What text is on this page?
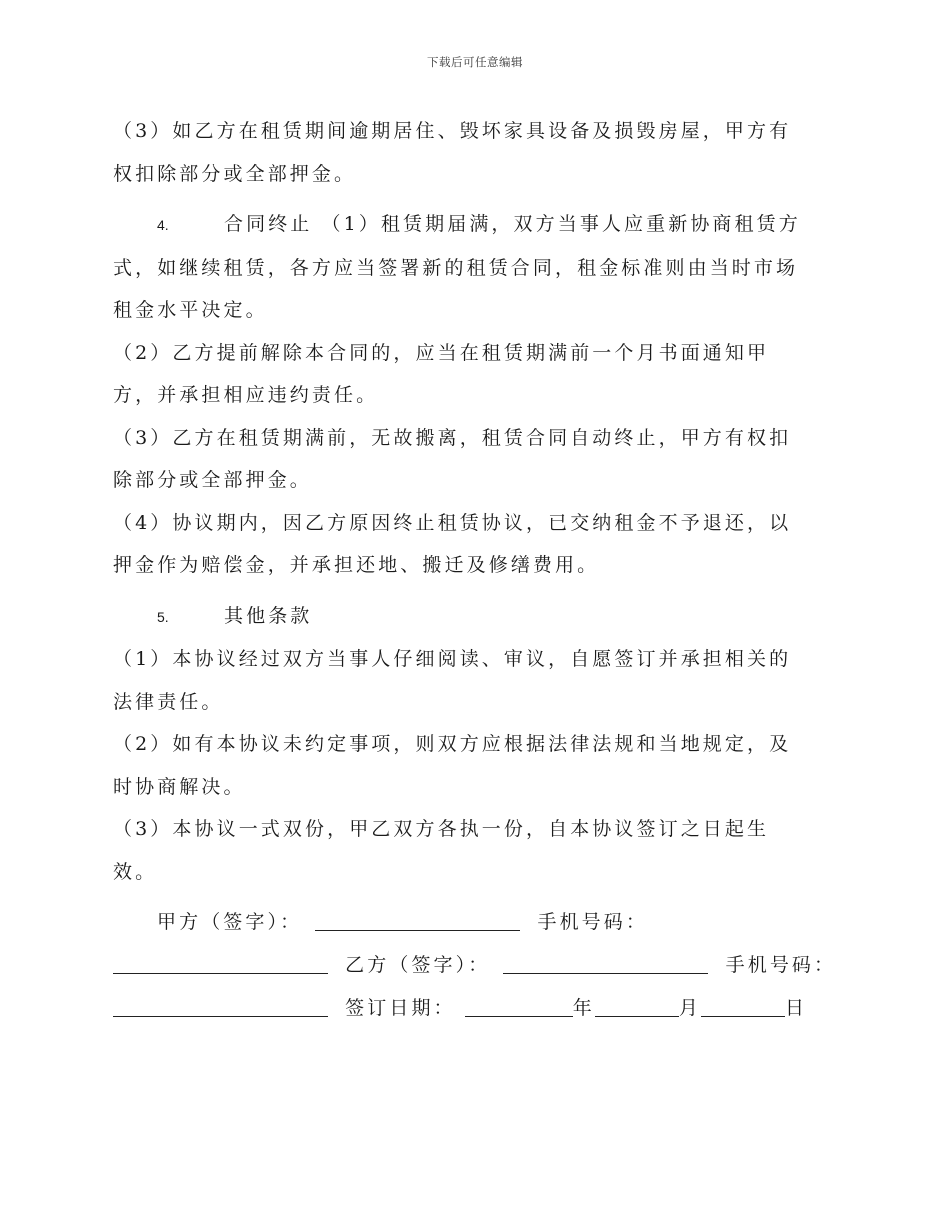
下载后可任意编辑

（3）如乙方在租赁期间逾期居住、毁坏家具设备及损毁房屋，甲方有权扣除部分或全部押金。

4.	合同终止 （1）租赁期届满，双方当事人应重新协商租赁方式，如继续租赁，各方应当签署新的租赁合同，租金标准则由当时市场租金水平决定。

（2）乙方提前解除本合同的，应当在租赁期满前一个月书面通知甲方，并承担相应违约责任。

（3）乙方在租赁期满前，无故搬离，租赁合同自动终止，甲方有权扣除部分或全部押金。

（4）协议期内，因乙方原因终止租赁协议，已交纳租金不予退还，以押金作为赔偿金，并承担还地、搬迁及修缮费用。

5.	其他条款

（1）本协议经过双方当事人仔细阅读、审议，自愿签订并承担相关的法律责任。

（2）如有本协议未约定事项，则双方应根据法律法规和当地规定，及时协商解决。

（3）本协议一式双份，甲乙双方各执一份，自本协议签订之日起生效。

甲方（签字）：	手机号码：
乙方（签字）：	手机号码：
签订日期：	年	月	日
